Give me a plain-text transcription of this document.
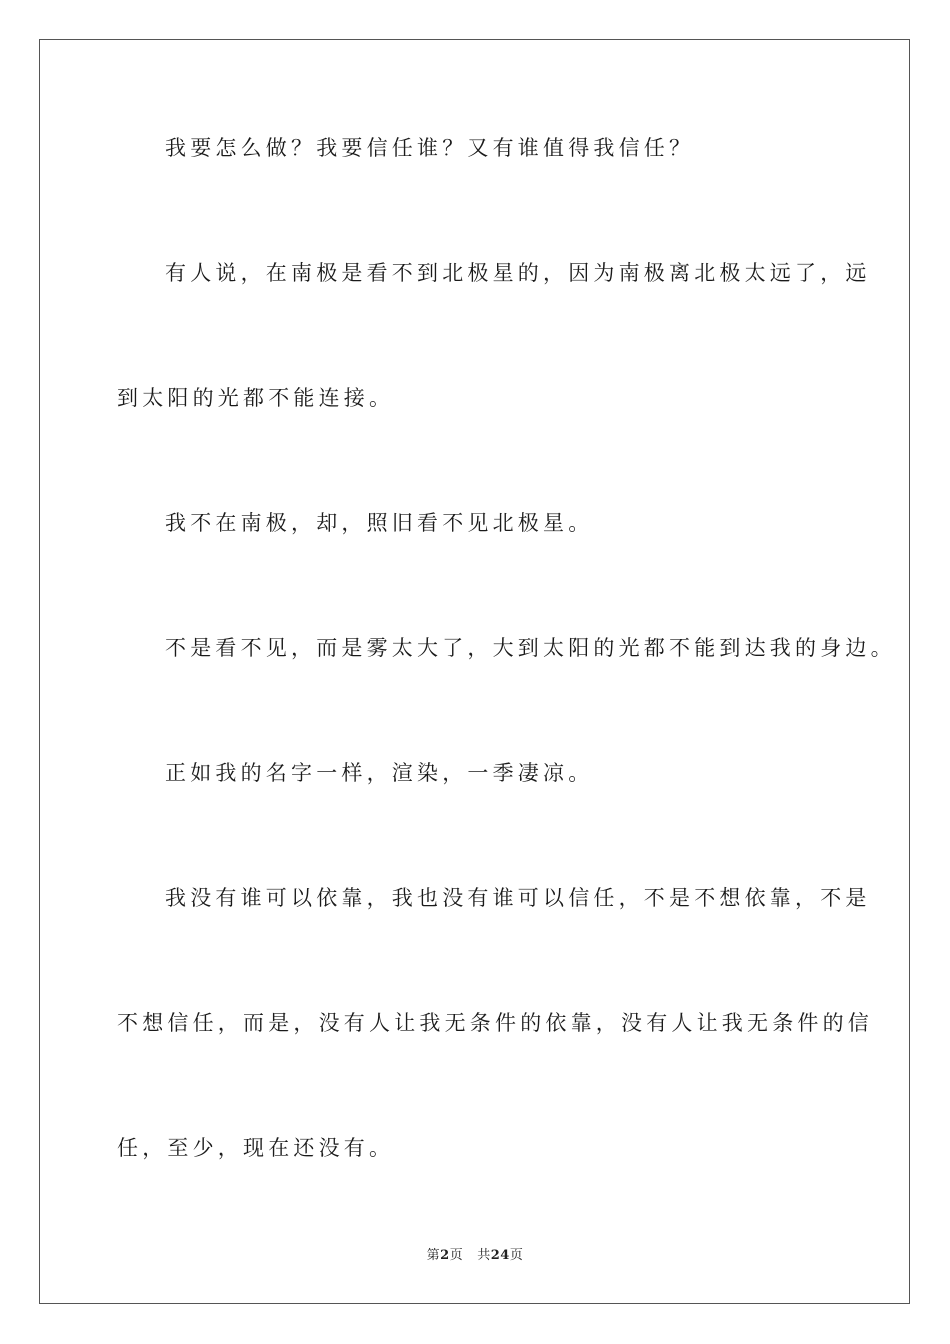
我要怎么做？我要信任谁？又有谁值得我信任？
有人说，在南极是看不到北极星的，因为南极离北极太远了，远
到太阳的光都不能连接。
我不在南极，却，照旧看不见北极星。
不是看不见，而是雾太大了，大到太阳的光都不能到达我的身边。
正如我的名字一样，渲染，一季凄凉。
我没有谁可以依靠，我也没有谁可以信任，不是不想依靠，不是
不想信任，而是，没有人让我无条件的依靠，没有人让我无条件的信
任，至少，现在还没有。
第2页 共24页
